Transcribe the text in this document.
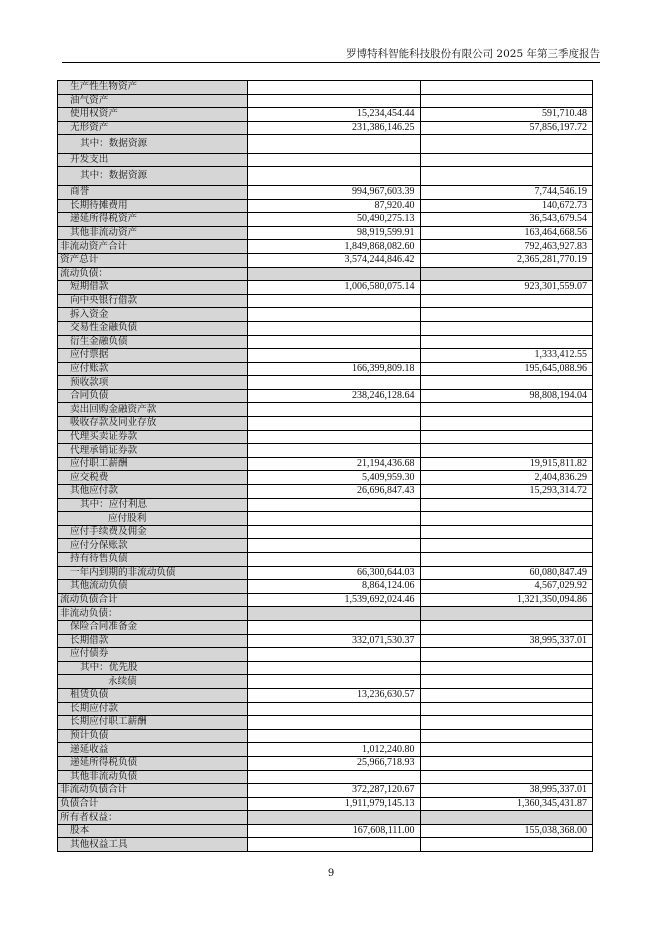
罗博特科智能科技股份有限公司 2025 年第三季度报告
生产性生物资产		
油气资产		
使用权资产	15,234,454.44	591,710.48
无形资产	231,386,146.25	57,856,197.72
其中：数据资源		
开发支出		
其中：数据资源		
商誉	994,967,603.39	7,744,546.19
长期待摊费用	87,920.40	140,672.73
递延所得税资产	50,490,275.13	36,543,679.54
其他非流动资产	98,919,599.91	163,464,668.56
非流动资产合计	1,849,868,082.60	792,463,927.83
资产总计	3,574,244,846.42	2,365,281,770.19
流动负债：		
短期借款	1,006,580,075.14	923,301,559.07
向中央银行借款		
拆入资金		
交易性金融负债		
衍生金融负债		
应付票据		1,333,412.55
应付账款	166,399,809.18	195,645,088.96
预收款项		
合同负债	238,246,128.64	98,808,194.04
卖出回购金融资产款		
吸收存款及同业存放		
代理买卖证券款		
代理承销证券款		
应付职工薪酬	21,194,436.68	19,915,811.82
应交税费	5,409,959.30	2,404,836.29
其他应付款	26,696,847.43	15,293,314.72
其中：应付利息		
应付股利		
应付手续费及佣金		
应付分保账款		
持有待售负债		
一年内到期的非流动负债	66,300,644.03	60,080,847.49
其他流动负债	8,864,124.06	4,567,029.92
流动负债合计	1,539,692,024.46	1,321,350,094.86
非流动负债：		
保险合同准备金		
长期借款	332,071,530.37	38,995,337.01
应付债券		
其中：优先股		
永续债		
租赁负债	13,236,630.57	
长期应付款		
长期应付职工薪酬		
预计负债		
递延收益	1,012,240.80	
递延所得税负债	25,966,718.93	
其他非流动负债		
非流动负债合计	372,287,120.67	38,995,337.01
负债合计	1,911,979,145.13	1,360,345,431.87
所有者权益：		
股本	167,608,111.00	155,038,368.00
其他权益工具		
9
